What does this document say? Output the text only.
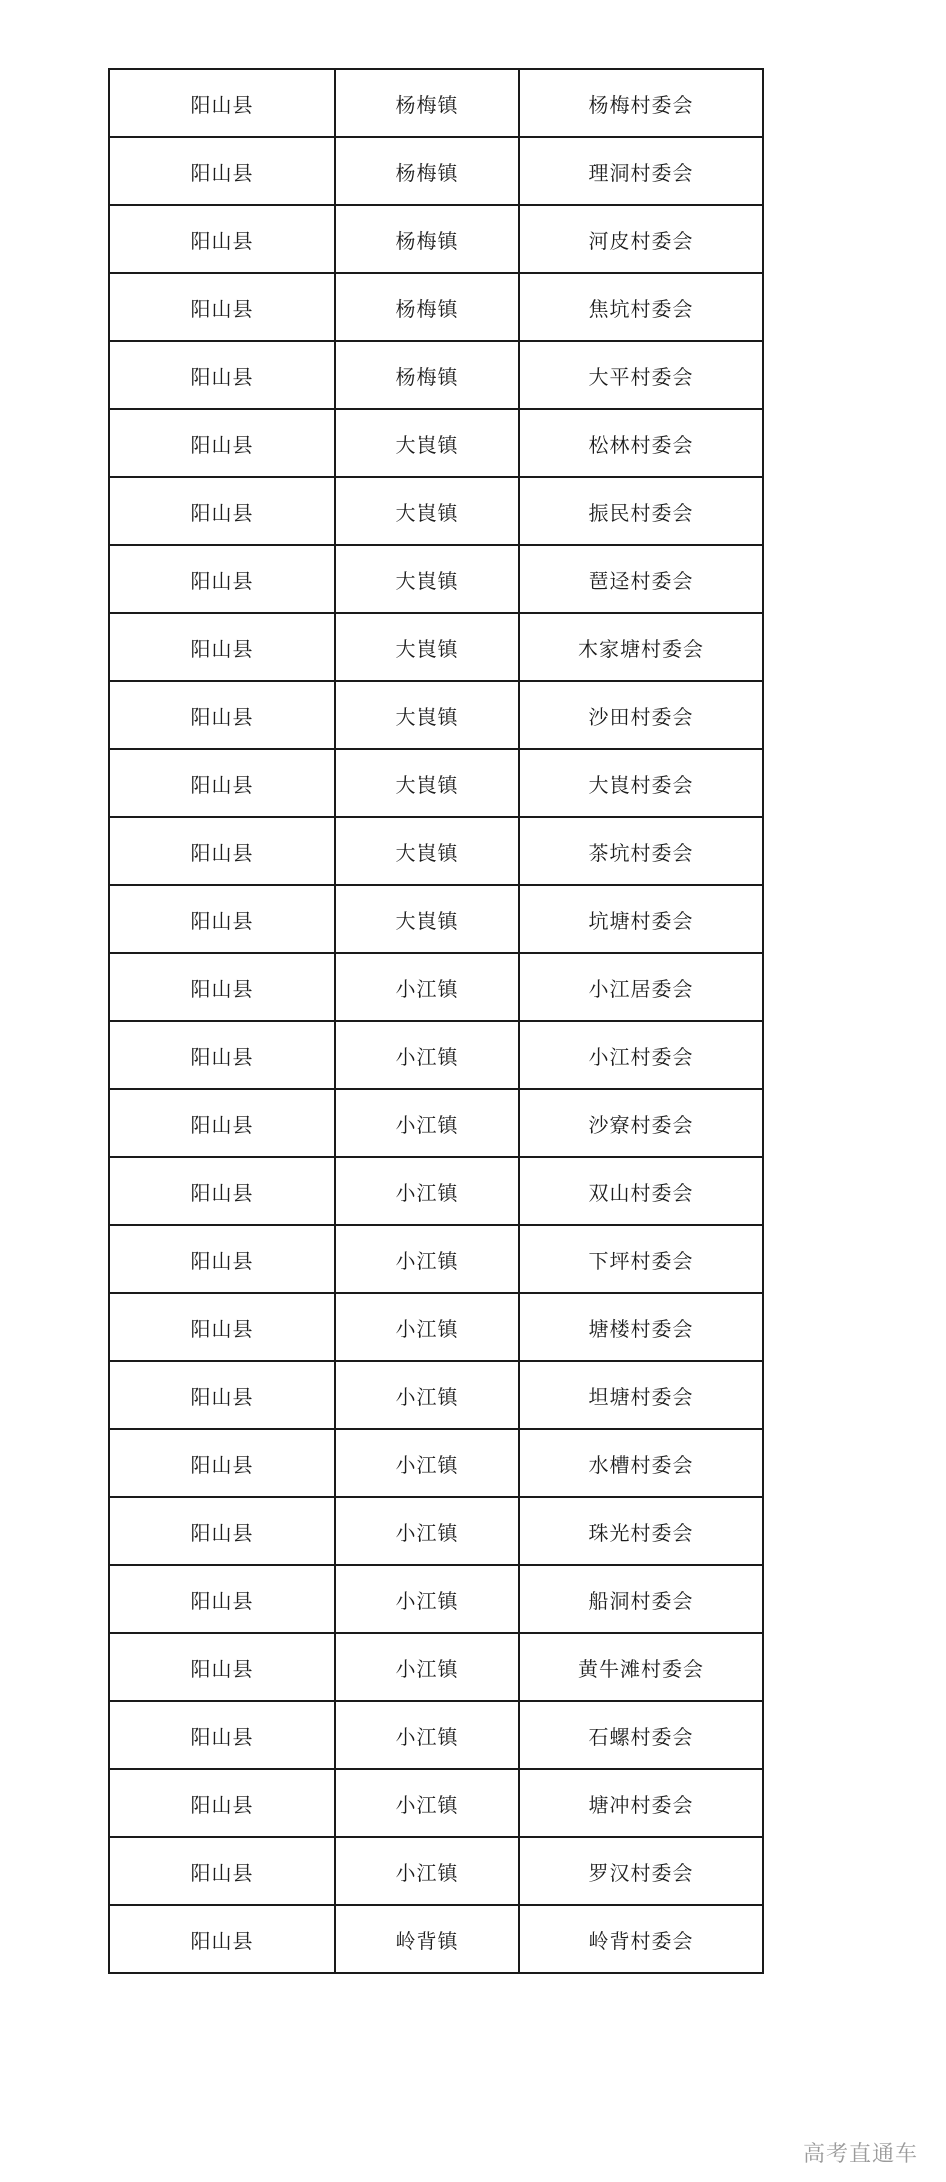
阳山县	杨梅镇	杨梅村委会
阳山县	杨梅镇	理洞村委会
阳山县	杨梅镇	河皮村委会
阳山县	杨梅镇	焦坑村委会
阳山县	杨梅镇	大平村委会
阳山县	大崀镇	松林村委会
阳山县	大崀镇	振民村委会
阳山县	大崀镇	琶迳村委会
阳山县	大崀镇	木家塘村委会
阳山县	大崀镇	沙田村委会
阳山县	大崀镇	大崀村委会
阳山县	大崀镇	茶坑村委会
阳山县	大崀镇	坑塘村委会
阳山县	小江镇	小江居委会
阳山县	小江镇	小江村委会
阳山县	小江镇	沙寮村委会
阳山县	小江镇	双山村委会
阳山县	小江镇	下坪村委会
阳山县	小江镇	塘楼村委会
阳山县	小江镇	坦塘村委会
阳山县	小江镇	水槽村委会
阳山县	小江镇	珠光村委会
阳山县	小江镇	船洞村委会
阳山县	小江镇	黄牛滩村委会
阳山县	小江镇	石螺村委会
阳山县	小江镇	塘冲村委会
阳山县	小江镇	罗汉村委会
阳山县	岭背镇	岭背村委会
高考直通车
